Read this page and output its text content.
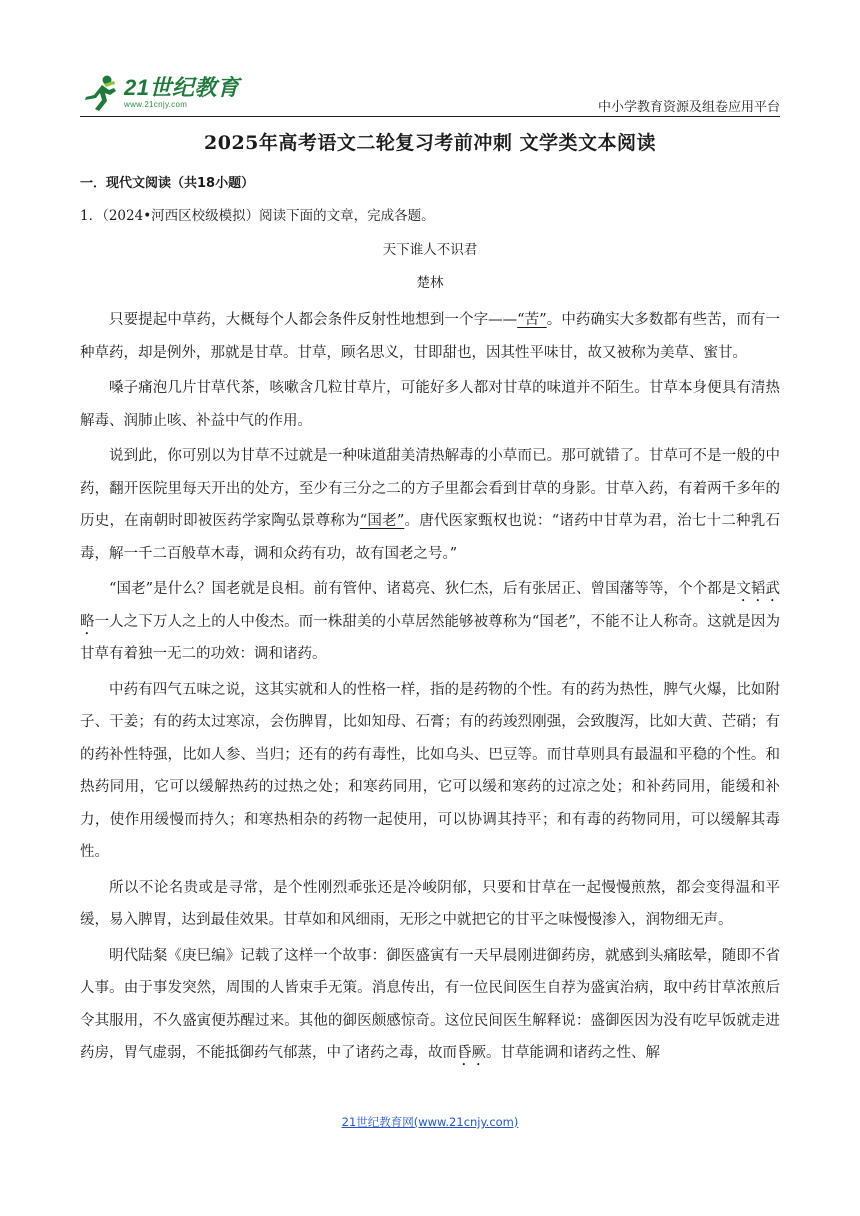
21世纪教育
www.21cnjy.com	中小学教育资源及组卷应用平台
2025年高考语文二轮复习考前冲刺 文学类文本阅读
一．现代文阅读（共18小题）
1．（2024•河西区校级模拟）阅读下面的文章，完成各题。
天下谁人不识君
楚林

只要提起中草药，大概每个人都会条件反射性地想到一个字——“苦”。中药确实大多数都有些苦，而有一种草药，却是例外，那就是甘草。甘草，顾名思义，甘即甜也，因其性平味甘，故又被称为美草、蜜甘。

嗓子痛泡几片甘草代茶，咳嗽含几粒甘草片，可能好多人都对甘草的味道并不陌生。甘草本身便具有清热解毒、润肺止咳、补益中气的作用。

说到此，你可别以为甘草不过就是一种味道甜美清热解毒的小草而已。那可就错了。甘草可不是一般的中药，翻开医院里每天开出的处方，至少有三分之二的方子里都会看到甘草的身影。甘草入药，有着两千多年的历史，在南朝时即被医药学家陶弘景尊称为“国老”。唐代医家甄权也说：“诸药中甘草为君，治七十二种乳石毒，解一千二百般草木毒，调和众药有功，故有国老之号。”

“国老”是什么？国老就是良相。前有管仲、诸葛亮、狄仁杰，后有张居正、曾国藩等等，个个都是文韬武略一人之下万人之上的人中俊杰。而一株甜美的小草居然能够被尊称为“国老”，不能不让人称奇。这就是因为甘草有着独一无二的功效：调和诸药。

中药有四气五味之说，这其实就和人的性格一样，指的是药物的个性。有的药为热性，脾气火爆，比如附子、干姜；有的药太过寒凉，会伤脾胃，比如知母、石膏；有的药竣烈刚强，会致腹泻，比如大黄、芒硝；有的药补性特强，比如人参、当归；还有的药有毒性，比如乌头、巴豆等。而甘草则具有最温和平稳的个性。和热药同用，它可以缓解热药的过热之处；和寒药同用，它可以缓和寒药的过凉之处；和补药同用，能缓和补力，使作用缓慢而持久；和寒热相杂的药物一起使用，可以协调其持平；和有毒的药物同用，可以缓解其毒性。

所以不论名贵或是寻常，是个性刚烈乖张还是冷峻阴郁，只要和甘草在一起慢慢煎熬，都会变得温和平缓，易入脾胃，达到最佳效果。甘草如和风细雨，无形之中就把它的甘平之味慢慢渗入，润物细无声。

明代陆粲《庚巳编》记载了这样一个故事：御医盛寅有一天早晨刚进御药房，就感到头痛眩晕，随即不省人事。由于事发突然，周围的人皆束手无策。消息传出，有一位民间医生自荐为盛寅治病，取中药甘草浓煎后令其服用，不久盛寅便苏醒过来。其他的御医颇感惊奇。这位民间医生解释说：盛御医因为没有吃早饭就走进药房，胃气虚弱，不能抵御药气郁蒸，中了诸药之毒，故而昏厥。甘草能调和诸药之性、解

21世纪教育网(www.21cnjy.com)
